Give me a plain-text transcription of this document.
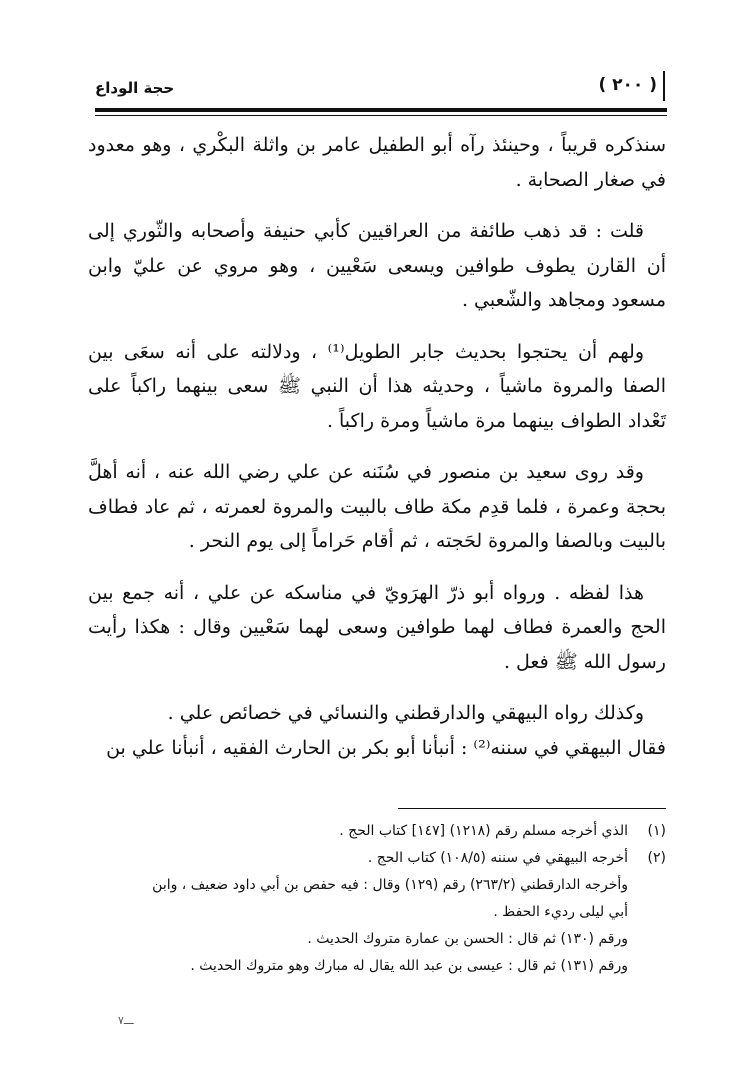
حجة الوداع	( ٢٠٠ )

سنذكره قريباً ، وحينئذ رآه أبو الطفيل عامر بن واثلة البكْري ، وهو معدود في صغار الصحابة .

قلت : قد ذهب طائفة من العراقيين كأبي حنيفة وأصحابه والثّوري إلى أن القارن يطوف طوافين ويسعى سَعْيين ، وهو مروي عن عليّ وابن مسعود ومجاهد والشّعبي .

ولهم أن يحتجوا بحديث جابر الطويل⁽¹⁾ ، ودلالته على أنه سعَى بين الصفا والمروة ماشياً ، وحديثه هذا أن النبي ﷺ سعى بينهما راكباً على تَعْداد الطواف بينهما مرة ماشياً ومرة راكباً .

وقد روى سعيد بن منصور في سُنَنه عن علي رضي الله عنه ، أنه أهلَّ بحجة وعمرة ، فلما قدِم مكة طاف بالبيت والمروة لعمرته ، ثم عاد فطاف بالبيت وبالصفا والمروة لحَجته ، ثم أقام حَراماً إلى يوم النحر .

هذا لفظه . ورواه أبو ذرّ الهرَويّ في مناسكه عن علي ، أنه جمع بين الحج والعمرة فطاف لهما طوافين وسعى لهما سَعْيين وقال : هكذا رأيت رسول الله ﷺ فعل .

وكذلك رواه البيهقي والدارقطني والنسائي في خصائص علي .

فقال البيهقي في سننه⁽²⁾ : أنبأنا أبو بكر بن الحارث الفقيه ، أنبأنا علي بن

(١)
الذي أخرجه مسلم رقم (١٢١٨) [١٤٧] كتاب الحج .
(٢)
أخرجه البيهقي في سننه (١٠٨/٥) كتاب الحج .
وأخرجه الدارقطني (٢٦٣/٢) رقم (١٢٩) وقال : فيه حفص بن أبي داود ضعيف ، وابن أبي ليلى رديء الحفظ .
ورقم (١٣٠) ثم قال : الحسن بن عمارة متروك الحديث .
ورقم (١٣١) ثم قال : عيسى بن عبد الله يقال له مبارك وهو متروك الحديث .
ـــ٧
